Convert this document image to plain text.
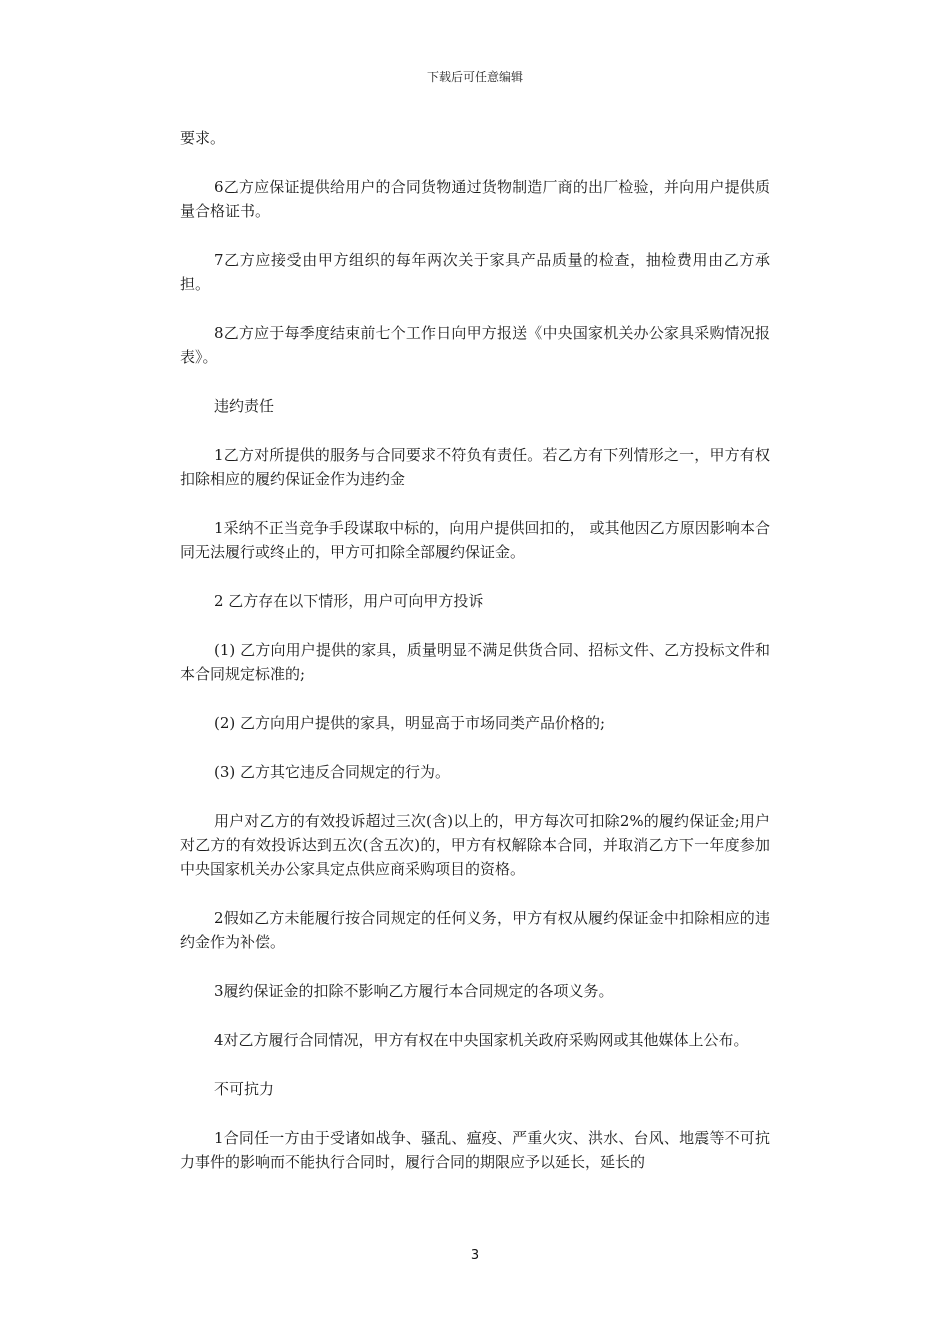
下载后可任意编辑

要求。

6乙方应保证提供给用户的合同货物通过货物制造厂商的出厂检验，并向用户提供质量合格证书。

7乙方应接受由甲方组织的每年两次关于家具产品质量的检查，抽检费用由乙方承担。

8乙方应于每季度结束前七个工作日向甲方报送《中央国家机关办公家具采购情况报表》。

违约责任

1乙方对所提供的服务与合同要求不符负有责任。若乙方有下列情形之一，甲方有权扣除相应的履约保证金作为违约金

1采纳不正当竞争手段谋取中标的，向用户提供回扣的， 或其他因乙方原因影响本合同无法履行或终止的，甲方可扣除全部履约保证金。

2 乙方存在以下情形，用户可向甲方投诉

(1) 乙方向用户提供的家具，质量明显不满足供货合同、招标文件、乙方投标文件和本合同规定标准的;

(2) 乙方向用户提供的家具，明显高于市场同类产品价格的;

(3) 乙方其它违反合同规定的行为。

用户对乙方的有效投诉超过三次(含)以上的，甲方每次可扣除2%的履约保证金;用户对乙方的有效投诉达到五次(含五次)的，甲方有权解除本合同，并取消乙方下一年度参加中央国家机关办公家具定点供应商采购项目的资格。

2假如乙方未能履行按合同规定的任何义务，甲方有权从履约保证金中扣除相应的违约金作为补偿。

3履约保证金的扣除不影响乙方履行本合同规定的各项义务。

4对乙方履行合同情况，甲方有权在中央国家机关政府采购网或其他媒体上公布。

不可抗力

1合同任一方由于受诸如战争、骚乱、瘟疫、严重火灾、洪水、台风、地震等不可抗力事件的影响而不能执行合同时，履行合同的期限应予以延长，延长的

3
